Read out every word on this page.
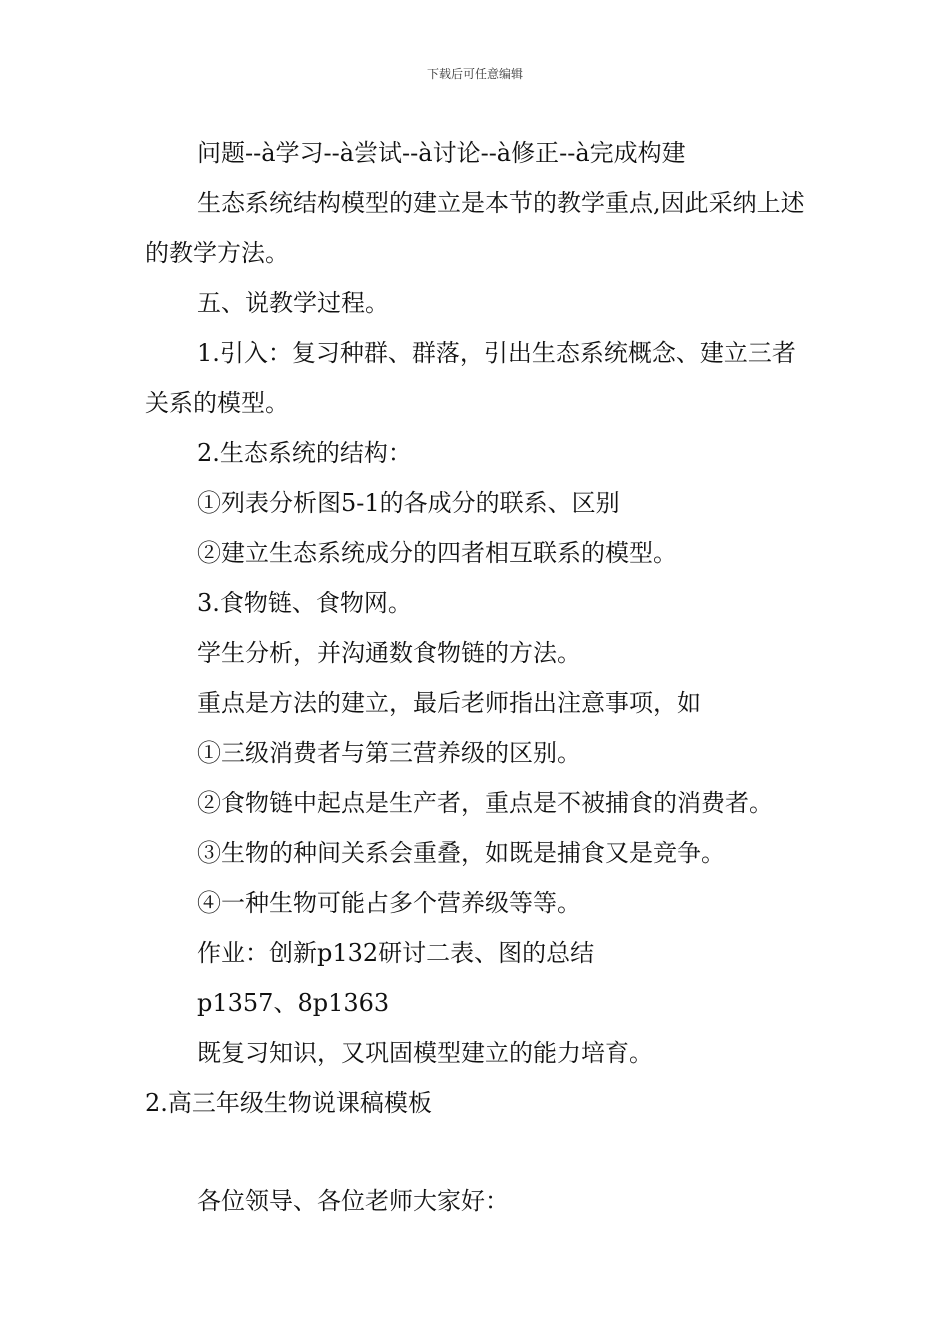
下载后可任意编辑

问题--à学习--à尝试--à讨论--à修正--à完成构建

生态系统结构模型的建立是本节的教学重点,因此采纳上述的教学方法。

五、说教学过程。

1.引入：复习种群、群落，引出生态系统概念、建立三者关系的模型。

2.生态系统的结构：

①列表分析图5-1的各成分的联系、区别

②建立生态系统成分的四者相互联系的模型。

3.食物链、食物网。

学生分析，并沟通数食物链的方法。

重点是方法的建立，最后老师指出注意事项，如

①三级消费者与第三营养级的区别。

②食物链中起点是生产者，重点是不被捕食的消费者。

③生物的种间关系会重叠，如既是捕食又是竞争。

④一种生物可能占多个营养级等等。

作业：创新p132研讨二表、图的总结

p1357、8p1363

既复习知识，又巩固模型建立的能力培育。

2.高三年级生物说课稿模板

各位领导、各位老师大家好：
